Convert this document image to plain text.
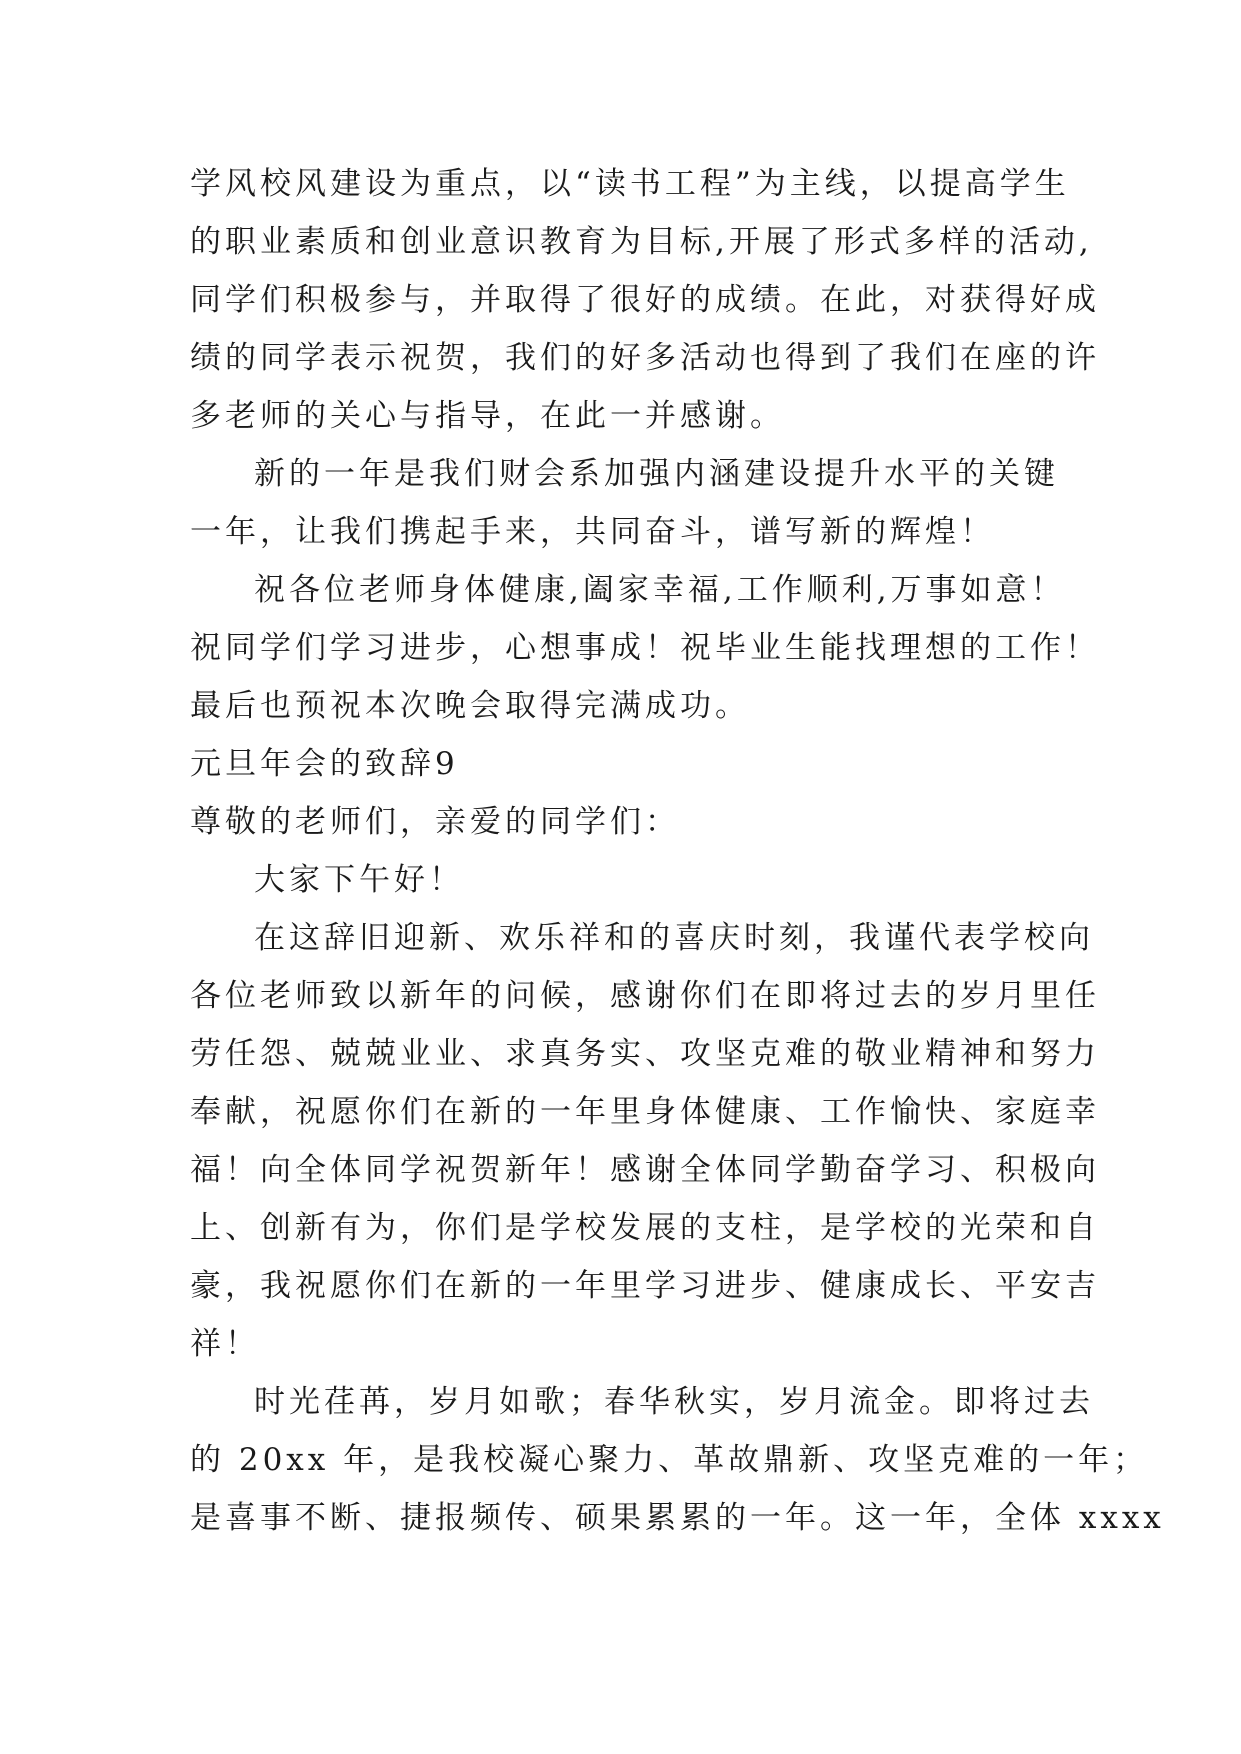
学风校风建设为重点，以“读书工程”为主线，以提高学生
的职业素质和创业意识教育为目标,开展了形式多样的活动,
同学们积极参与，并取得了很好的成绩。在此，对获得好成
绩的同学表示祝贺，我们的好多活动也得到了我们在座的许
多老师的关心与指导，在此一并感谢。
新的一年是我们财会系加强内涵建设提升水平的关键
一年，让我们携起手来，共同奋斗，谱写新的辉煌！
祝各位老师身体健康,阖家幸福,工作顺利,万事如意！
祝同学们学习进步，心想事成！祝毕业生能找理想的工作！
最后也预祝本次晚会取得完满成功。
元旦年会的致辞9
尊敬的老师们，亲爱的同学们：
大家下午好！
在这辞旧迎新、欢乐祥和的喜庆时刻，我谨代表学校向
各位老师致以新年的问候，感谢你们在即将过去的岁月里任
劳任怨、兢兢业业、求真务实、攻坚克难的敬业精神和努力
奉献，祝愿你们在新的一年里身体健康、工作愉快、家庭幸
福！向全体同学祝贺新年！感谢全体同学勤奋学习、积极向
上、创新有为，你们是学校发展的支柱，是学校的光荣和自
豪，我祝愿你们在新的一年里学习进步、健康成长、平安吉
祥！
时光荏苒，岁月如歌；春华秋实，岁月流金。即将过去
的 20xx 年，是我校凝心聚力、革故鼎新、攻坚克难的一年；
是喜事不断、捷报频传、硕果累累的一年。这一年，全体 xxxx
